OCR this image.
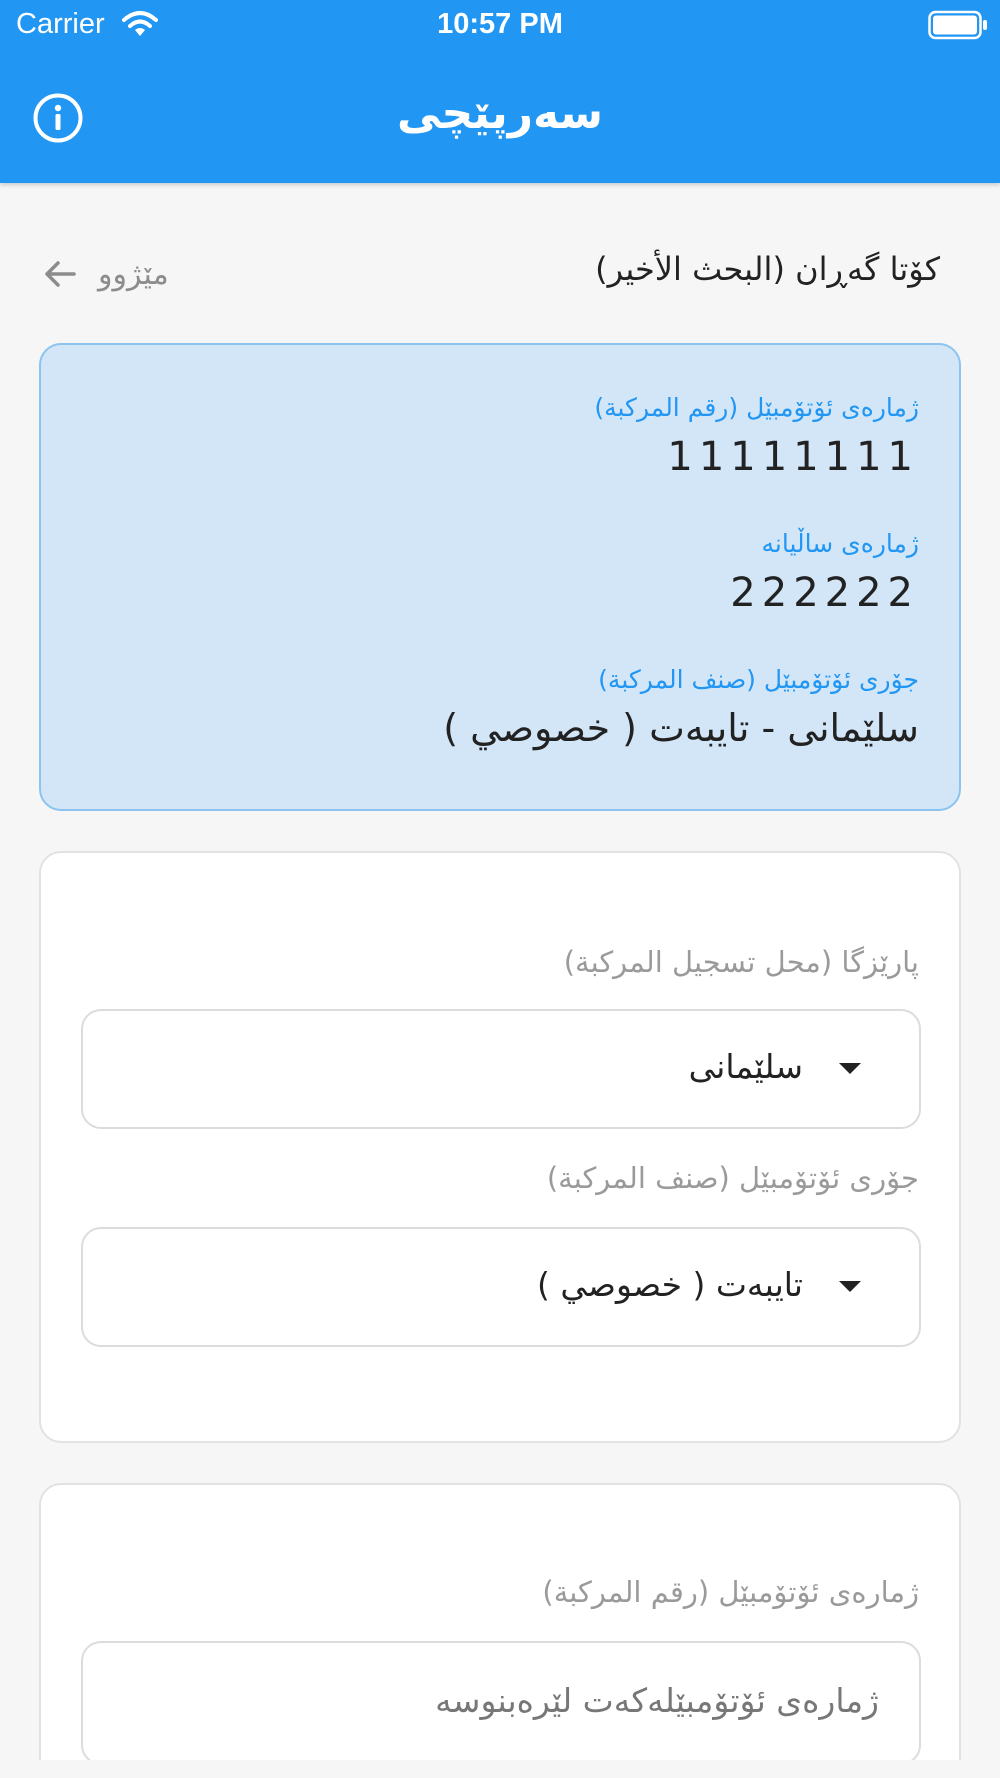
Carrier	10:57 PM
سەرپێچی
کۆتا گەڕان (البحث الأخير)
مێژوو
ژمارەی ئۆتۆمبێل (رقم المركبة)
11111111
ژمارەی ساڵیانە
222222
جۆری ئۆتۆمبێل (صنف المركبة)
سلێمانی - تایبەت ( خصوصي )
پارێزگا (محل تسجيل المركبة)
سلێمانی
جۆری ئۆتۆمبێل (صنف المركبة)
تایبەت ( خصوصي )
ژمارەی ئۆتۆمبێل (رقم المركبة)
ژمارەی ئۆتۆمبێلەکەت لێرەبنوسە
